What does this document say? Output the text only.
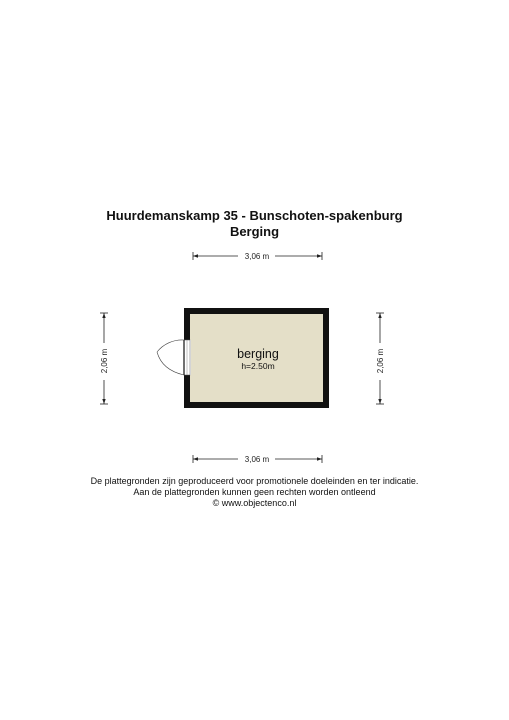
Huurdemanskamp 35 - Bunschoten-spakenburg
Berging
3,06 m
3,06 m
2,06 m	2,06 m
berging
h=2.50m
De plattegronden zijn geproduceerd voor promotionele doeleinden en ter indicatie.
Aan de plattegronden kunnen geen rechten worden ontleend
© www.objectenco.nl
